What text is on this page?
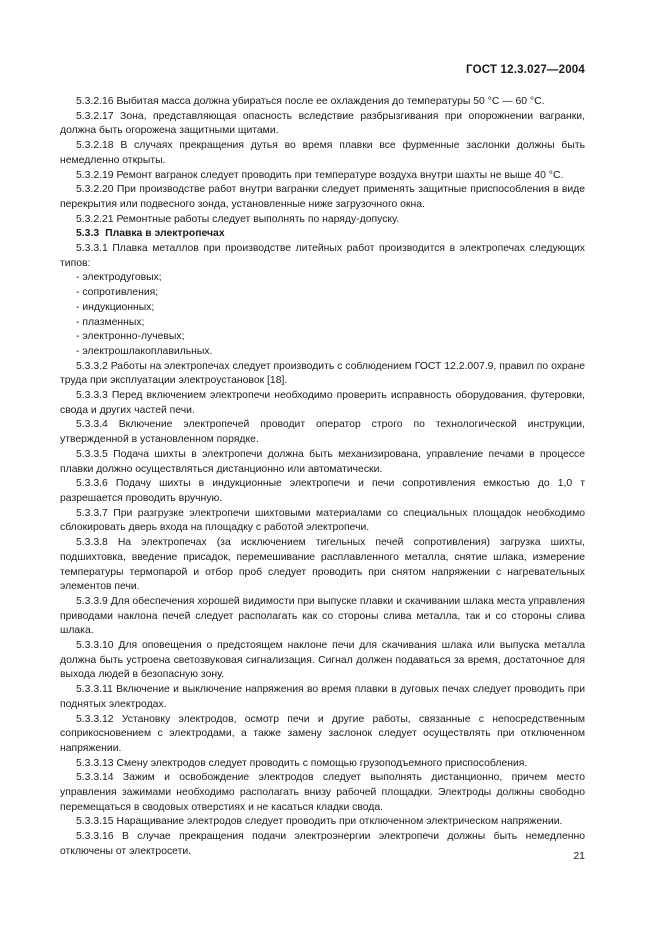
ГОСТ 12.3.027—2004

5.3.2.16 Выбитая масса должна убираться после ее охлаждения до температуры 50 °С — 60 °С.

5.3.2.17 Зона, представляющая опасность вследствие разбрызгивания при опорожнении вагранки, должна быть огорожена защитными щитами.

5.3.2.18 В случаях прекращения дутья во время плавки все фурменные заслонки должны быть немедленно открыты.

5.3.2.19 Ремонт вагранок следует проводить при температуре воздуха внутри шахты не выше 40 °С.

5.3.2.20 При производстве работ внутри вагранки следует применять защитные приспособления в виде перекрытия или подвесного зонда, установленные ниже загрузочного окна.

5.3.2.21 Ремонтные работы следует выполнять по наряду-допуску.

5.3.3 Плавка в электропечах

5.3.3.1 Плавка металлов при производстве литейных работ производится в электропечах следующих типов:

- электродуговых;

- сопротивления;

- индукционных;

- плазменных;

- электронно-лучевых;

- электрошлакоплавильных.

5.3.3.2 Работы на электропечах следует производить с соблюдением ГОСТ 12.2.007.9, правил по охране труда при эксплуатации электроустановок [18].

5.3.3.3 Перед включением электропечи необходимо проверить исправность оборудования, футеровки, свода и других частей печи.

5.3.3.4 Включение электропечей проводит оператор строго по технологической инструкции, утвержденной в установленном порядке.

5.3.3.5 Подача шихты в электропечи должна быть механизирована, управление печами в процессе плавки должно осуществляться дистанционно или автоматически.

5.3.3.6 Подачу шихты в индукционные электропечи и печи сопротивления емкостью до 1,0 т разрешается проводить вручную.

5.3.3.7 При разгрузке электропечи шихтовыми материалами со специальных площадок необходимо сблокировать дверь входа на площадку с работой электропечи.

5.3.3.8 На электропечах (за исключением тигельных печей сопротивления) загрузка шихты, подшихтовка, введение присадок, перемешивание расплавленного металла, снятие шлака, измерение температуры термопарой и отбор проб следует проводить при снятом напряжении с нагревательных элементов печи.

5.3.3.9 Для обеспечения хорошей видимости при выпуске плавки и скачивании шлака места управления приводами наклона печей следует располагать как со стороны слива металла, так и со стороны слива шлака.

5.3.3.10 Для оповещения о предстоящем наклоне печи для скачивания шлака или выпуска металла должна быть устроена светозвуковая сигнализация. Сигнал должен подаваться за время, достаточное для выхода людей в безопасную зону.

5.3.3.11 Включение и выключение напряжения во время плавки в дуговых печах следует проводить при поднятых электродах.

5.3.3.12 Установку электродов, осмотр печи и другие работы, связанные с непосредственным соприкосновением с электродами, а также замену заслонок следует осуществлять при отключенном напряжении.

5.3.3.13 Смену электродов следует проводить с помощью грузоподъемного приспособления.

5.3.3.14 Зажим и освобождение электродов следует выполнять дистанционно, причем место управления зажимами необходимо располагать внизу рабочей площадки. Электроды должны свободно перемещаться в сводовых отверстиях и не касаться кладки свода.

5.3.3.15 Наращивание электродов следует проводить при отключенном электрическом напряжении.

5.3.3.16 В случае прекращения подачи электроэнергии электропечи должны быть немедленно отключены от электросети.	21
